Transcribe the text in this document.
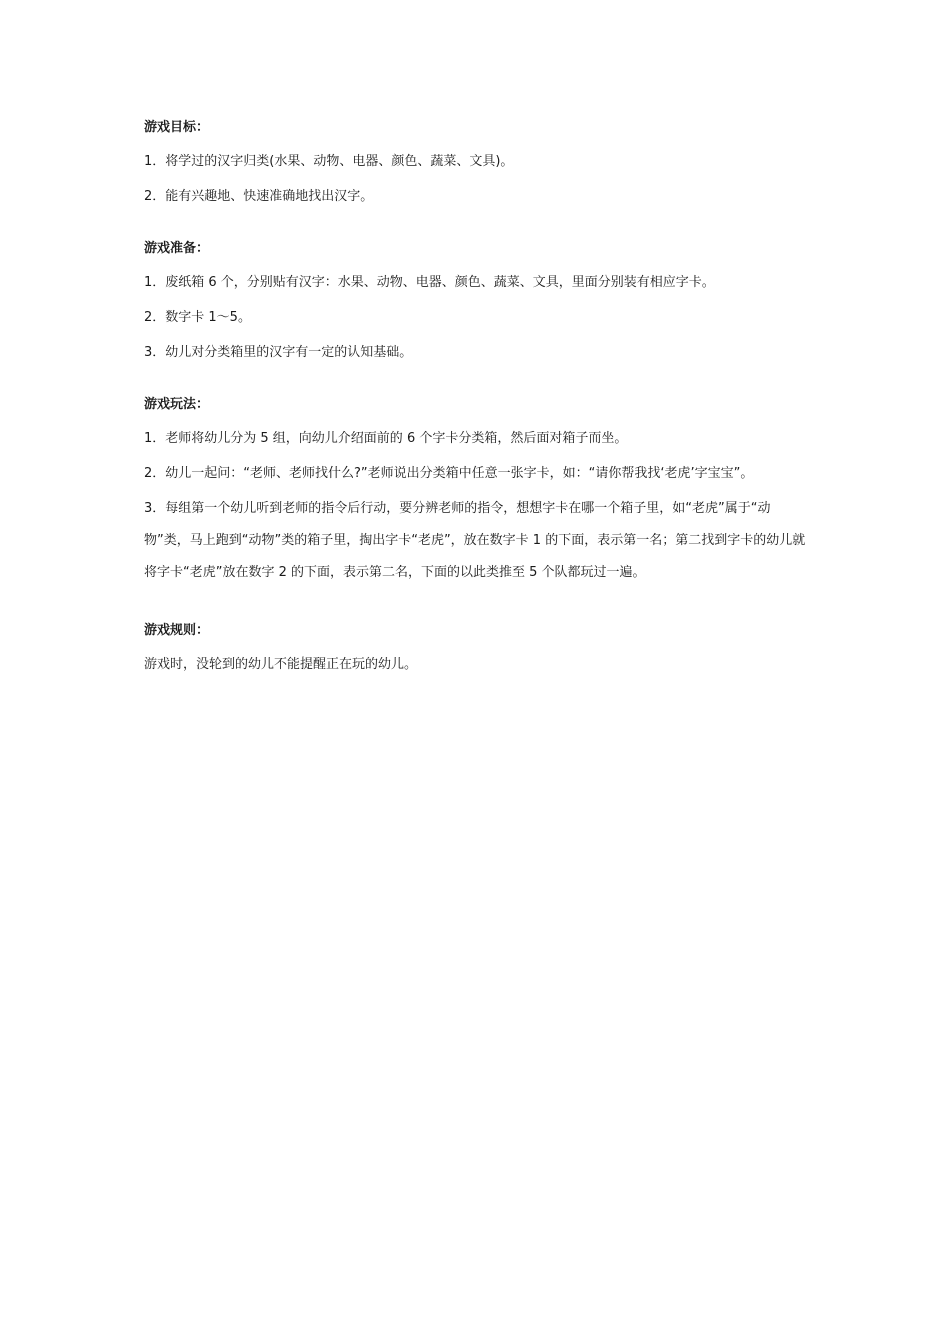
游戏目标：

1．将学过的汉字归类(水果、动物、电器、颜色、蔬菜、文具)。

2．能有兴趣地、快速准确地找出汉字。

游戏准备：

1．废纸箱 6 个，分别贴有汉字：水果、动物、电器、颜色、蔬菜、文具，里面分别装有相应字卡。

2．数字卡 1～5。

3．幼儿对分类箱里的汉字有一定的认知基础。

游戏玩法：

1．老师将幼儿分为 5 组，向幼儿介绍面前的 6 个字卡分类箱，然后面对箱子而坐。

2．幼儿一起问：“老师、老师找什么?”老师说出分类箱中任意一张字卡，如：“请你帮我找‘老虎’字宝宝”。

3．每组第一个幼儿听到老师的指令后行动，要分辨老师的指令，想想字卡在哪一个箱子里，如“老虎”属于“动物”类，马上跑到“动物”类的箱子里，掏出字卡“老虎”，放在数字卡 1 的下面，表示第一名；第二找到字卡的幼儿就将字卡“老虎”放在数字 2 的下面，表示第二名，下面的以此类推至 5 个队都玩过一遍。

游戏规则：

游戏时，没轮到的幼儿不能提醒正在玩的幼儿。
